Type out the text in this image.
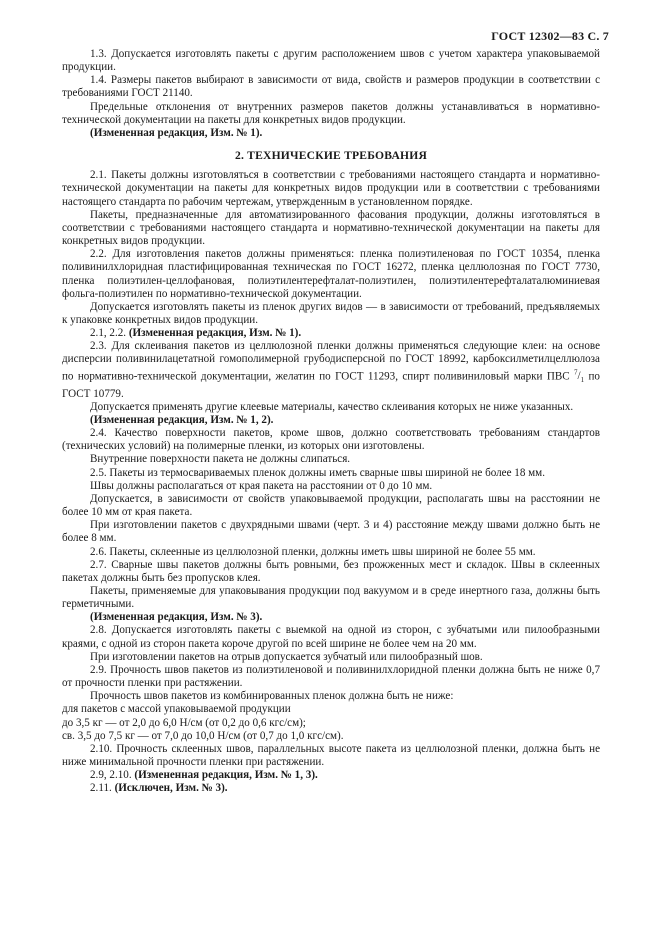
ГОСТ 12302—83 С. 7

1.3. Допускается изготовлять пакеты с другим расположением швов с учетом характера упаковываемой продукции.

1.4. Размеры пакетов выбирают в зависимости от вида, свойств и размеров продукции в соответствии с требованиями ГОСТ 21140.

Предельные отклонения от внутренних размеров пакетов должны устанавливаться в нормативно-технической документации на пакеты для конкретных видов продукции.

(Измененная редакция, Изм. № 1).

2. ТЕХНИЧЕСКИЕ ТРЕБОВАНИЯ

2.1. Пакеты должны изготовляться в соответствии с требованиями настоящего стандарта и нормативно-технической документации на пакеты для конкретных видов продукции или в соответствии с требованиями настоящего стандарта по рабочим чертежам, утвержденным в установленном порядке.

Пакеты, предназначенные для автоматизированного фасования продукции, должны изготовляться в соответствии с требованиями настоящего стандарта и нормативно-технической документации на пакеты для конкретных видов продукции.

2.2. Для изготовления пакетов должны применяться: пленка полиэтиленовая по ГОСТ 10354, пленка поливинилхлоридная пластифицированная техническая по ГОСТ 16272, пленка целлюлозная по ГОСТ 7730, пленка полиэтилен-целлофановая, полиэтилентерефталат-полиэтилен, полиэтилентерефталатaлюминиевая фольга-полиэтилен по нормативно-технической документации.

Допускается изготовлять пакеты из пленок других видов — в зависимости от требований, предъявляемых к упаковке конкретных видов продукции.

2.1, 2.2. (Измененная редакция, Изм. № 1).

2.3. Для склеивания пакетов из целлюлозной пленки должны применяться следующие клеи: на основе дисперсии поливинилацетатной гомополимерной грубодисперсной по ГОСТ 18992, карбоксилметилцеллюлоза по нормативно-технической документации, желатин по ГОСТ 11293, спирт поливиниловый марки ПВС $^7/_1$ по ГОСТ 10779.

Допускается применять другие клеевые материалы, качество склеивания которых не ниже указанных.

(Измененная редакция, Изм. № 1, 2).

2.4. Качество поверхности пакетов, кроме швов, должно соответствовать требованиям стандартов (технических условий) на полимерные пленки, из которых они изготовлены.

Внутренние поверхности пакета не должны слипаться.

2.5. Пакеты из термосвариваемых пленок должны иметь сварные швы шириной не более 18 мм.

Швы должны располагаться от края пакета на расстоянии от 0 до 10 мм.

Допускается, в зависимости от свойств упаковываемой продукции, располагать швы на расстоянии не более 10 мм от края пакета.

При изготовлении пакетов с двухрядными швами (черт. 3 и 4) расстояние между швами должно быть не более 8 мм.

2.6. Пакеты, склеенные из целлюлозной пленки, должны иметь швы шириной не более 55 мм.

2.7. Сварные швы пакетов должны быть ровными, без прожженных мест и складок. Швы в склеенных пакетах должны быть без пропусков клея.

Пакеты, применяемые для упаковывания продукции под вакуумом и в среде инертного газа, должны быть герметичными.

(Измененная редакция, Изм. № 3).

2.8. Допускается изготовлять пакеты с выемкой на одной из сторон, с зубчатыми или пилообразными краями, с одной из сторон пакета короче другой по всей ширине не более чем на 20 мм.

При изготовлении пакетов на отрыв допускается зубчатый или пилообразный шов.

2.9. Прочность швов пакетов из полиэтиленовой и поливинилхлоридной пленки должна быть не ниже 0,7 от прочности пленки при растяжении.

Прочность швов пакетов из комбинированных пленок должна быть не ниже:

для пакетов с массой упаковываемой продукции

до 3,5 кг — от 2,0 до 6,0 Н/см (от 0,2 до 0,6 кгс/см);

св. 3,5 до 7,5 кг — от 7,0 до 10,0 Н/см (от 0,7 до 1,0 кгс/см).

2.10. Прочность склеенных швов, параллельных высоте пакета из целлюлозной пленки, должна быть не ниже минимальной прочности пленки при растяжении.

2.9, 2.10. (Измененная редакция, Изм. № 1, 3).

2.11. (Исключен, Изм. № 3).
